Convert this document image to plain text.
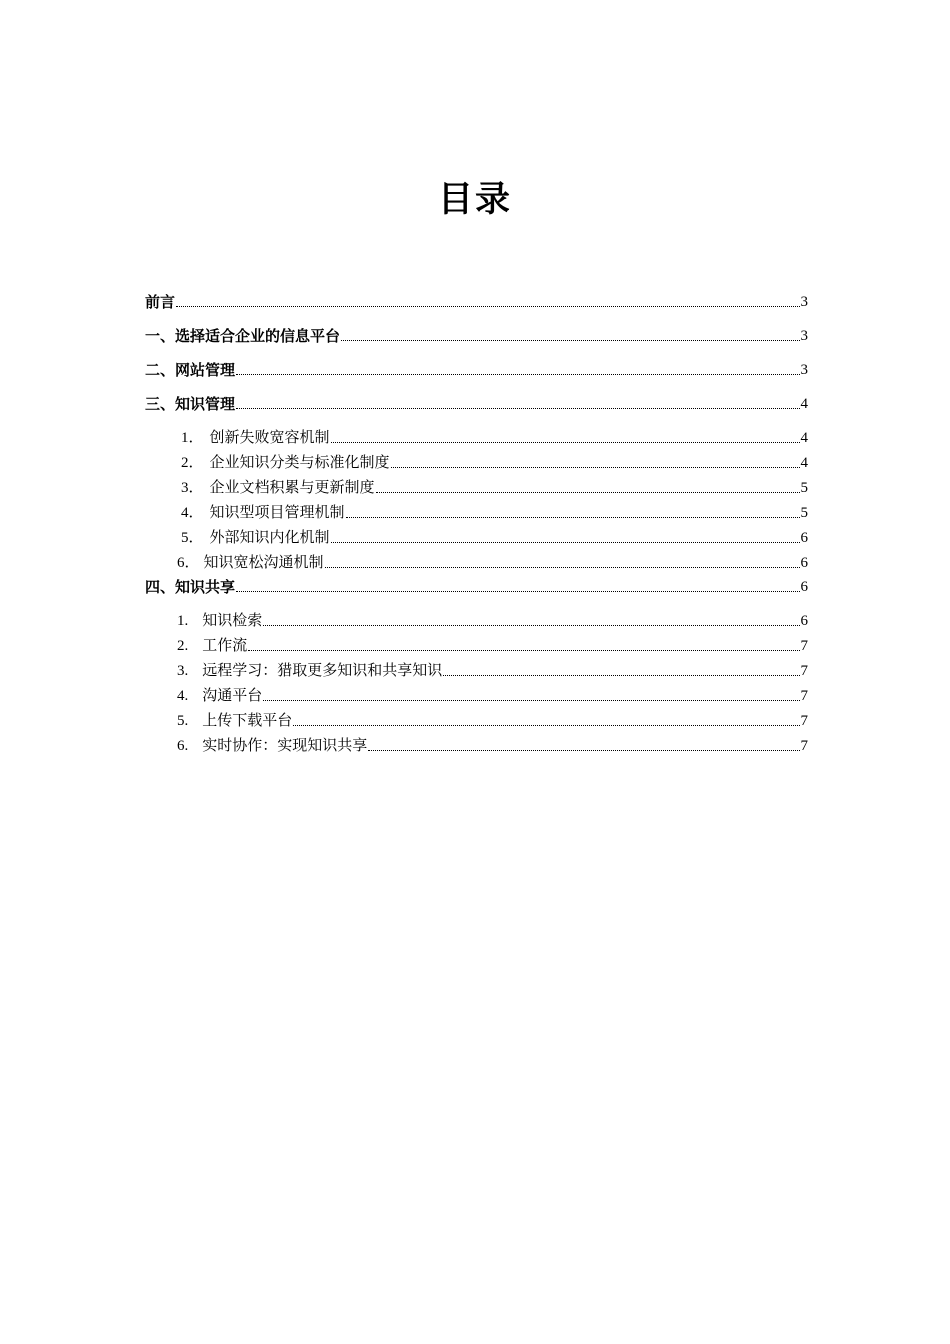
目录
前言	3
一、选择适合企业的信息平台	3
二、网站管理	3
三、知识管理	4
1． 创新失败宽容机制	4
2． 企业知识分类与标准化制度	4
3． 企业文档积累与更新制度	5
4． 知识型项目管理机制	5
5． 外部知识内化机制	6
6． 知识宽松沟通机制	6
四、知识共享	6
1. 知识检索	6
2. 工作流	7
3. 远程学习：猎取更多知识和共享知识	7
4. 沟通平台	7
5. 上传下载平台	7
6. 实时协作：实现知识共享	7
